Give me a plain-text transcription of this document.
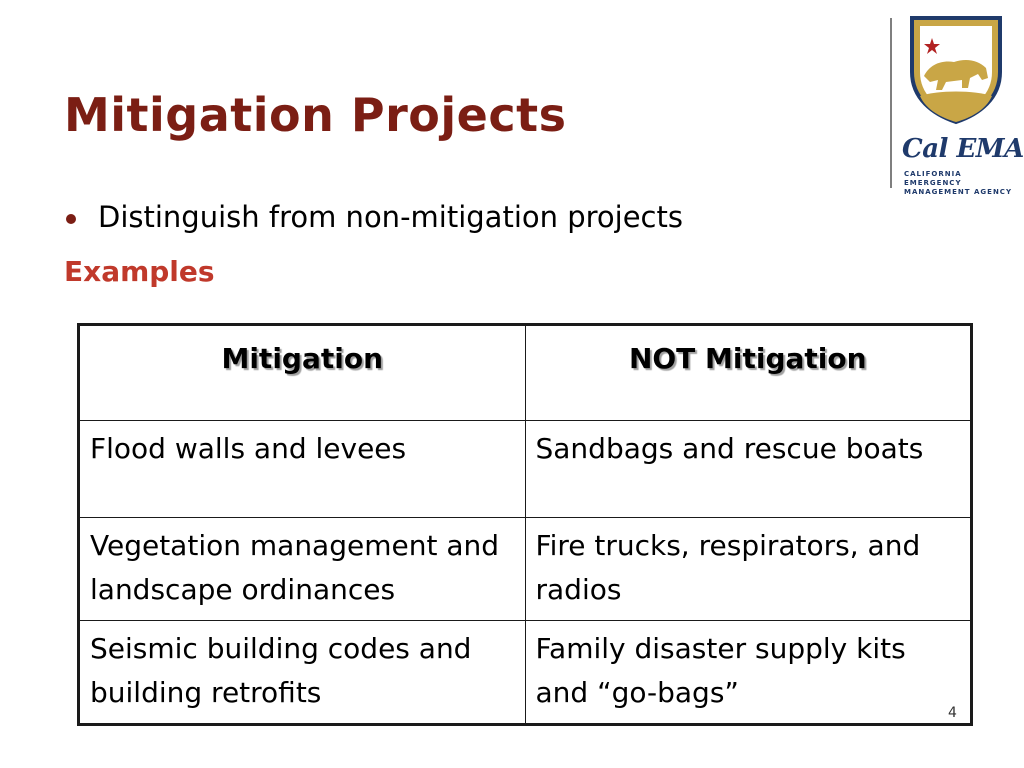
Mitigation Projects
Distinguish from non-mitigation projects
Examples
Cal EMA
CALIFORNIA EMERGENCY MANAGEMENT AGENCY
Mitigation	NOT Mitigation
Flood walls and levees	Sandbags and rescue boats
Vegetation management and landscape ordinances	Fire trucks, respirators, and radios
Seismic building codes and building retrofits	Family disaster supply kits and “go-bags”
4
